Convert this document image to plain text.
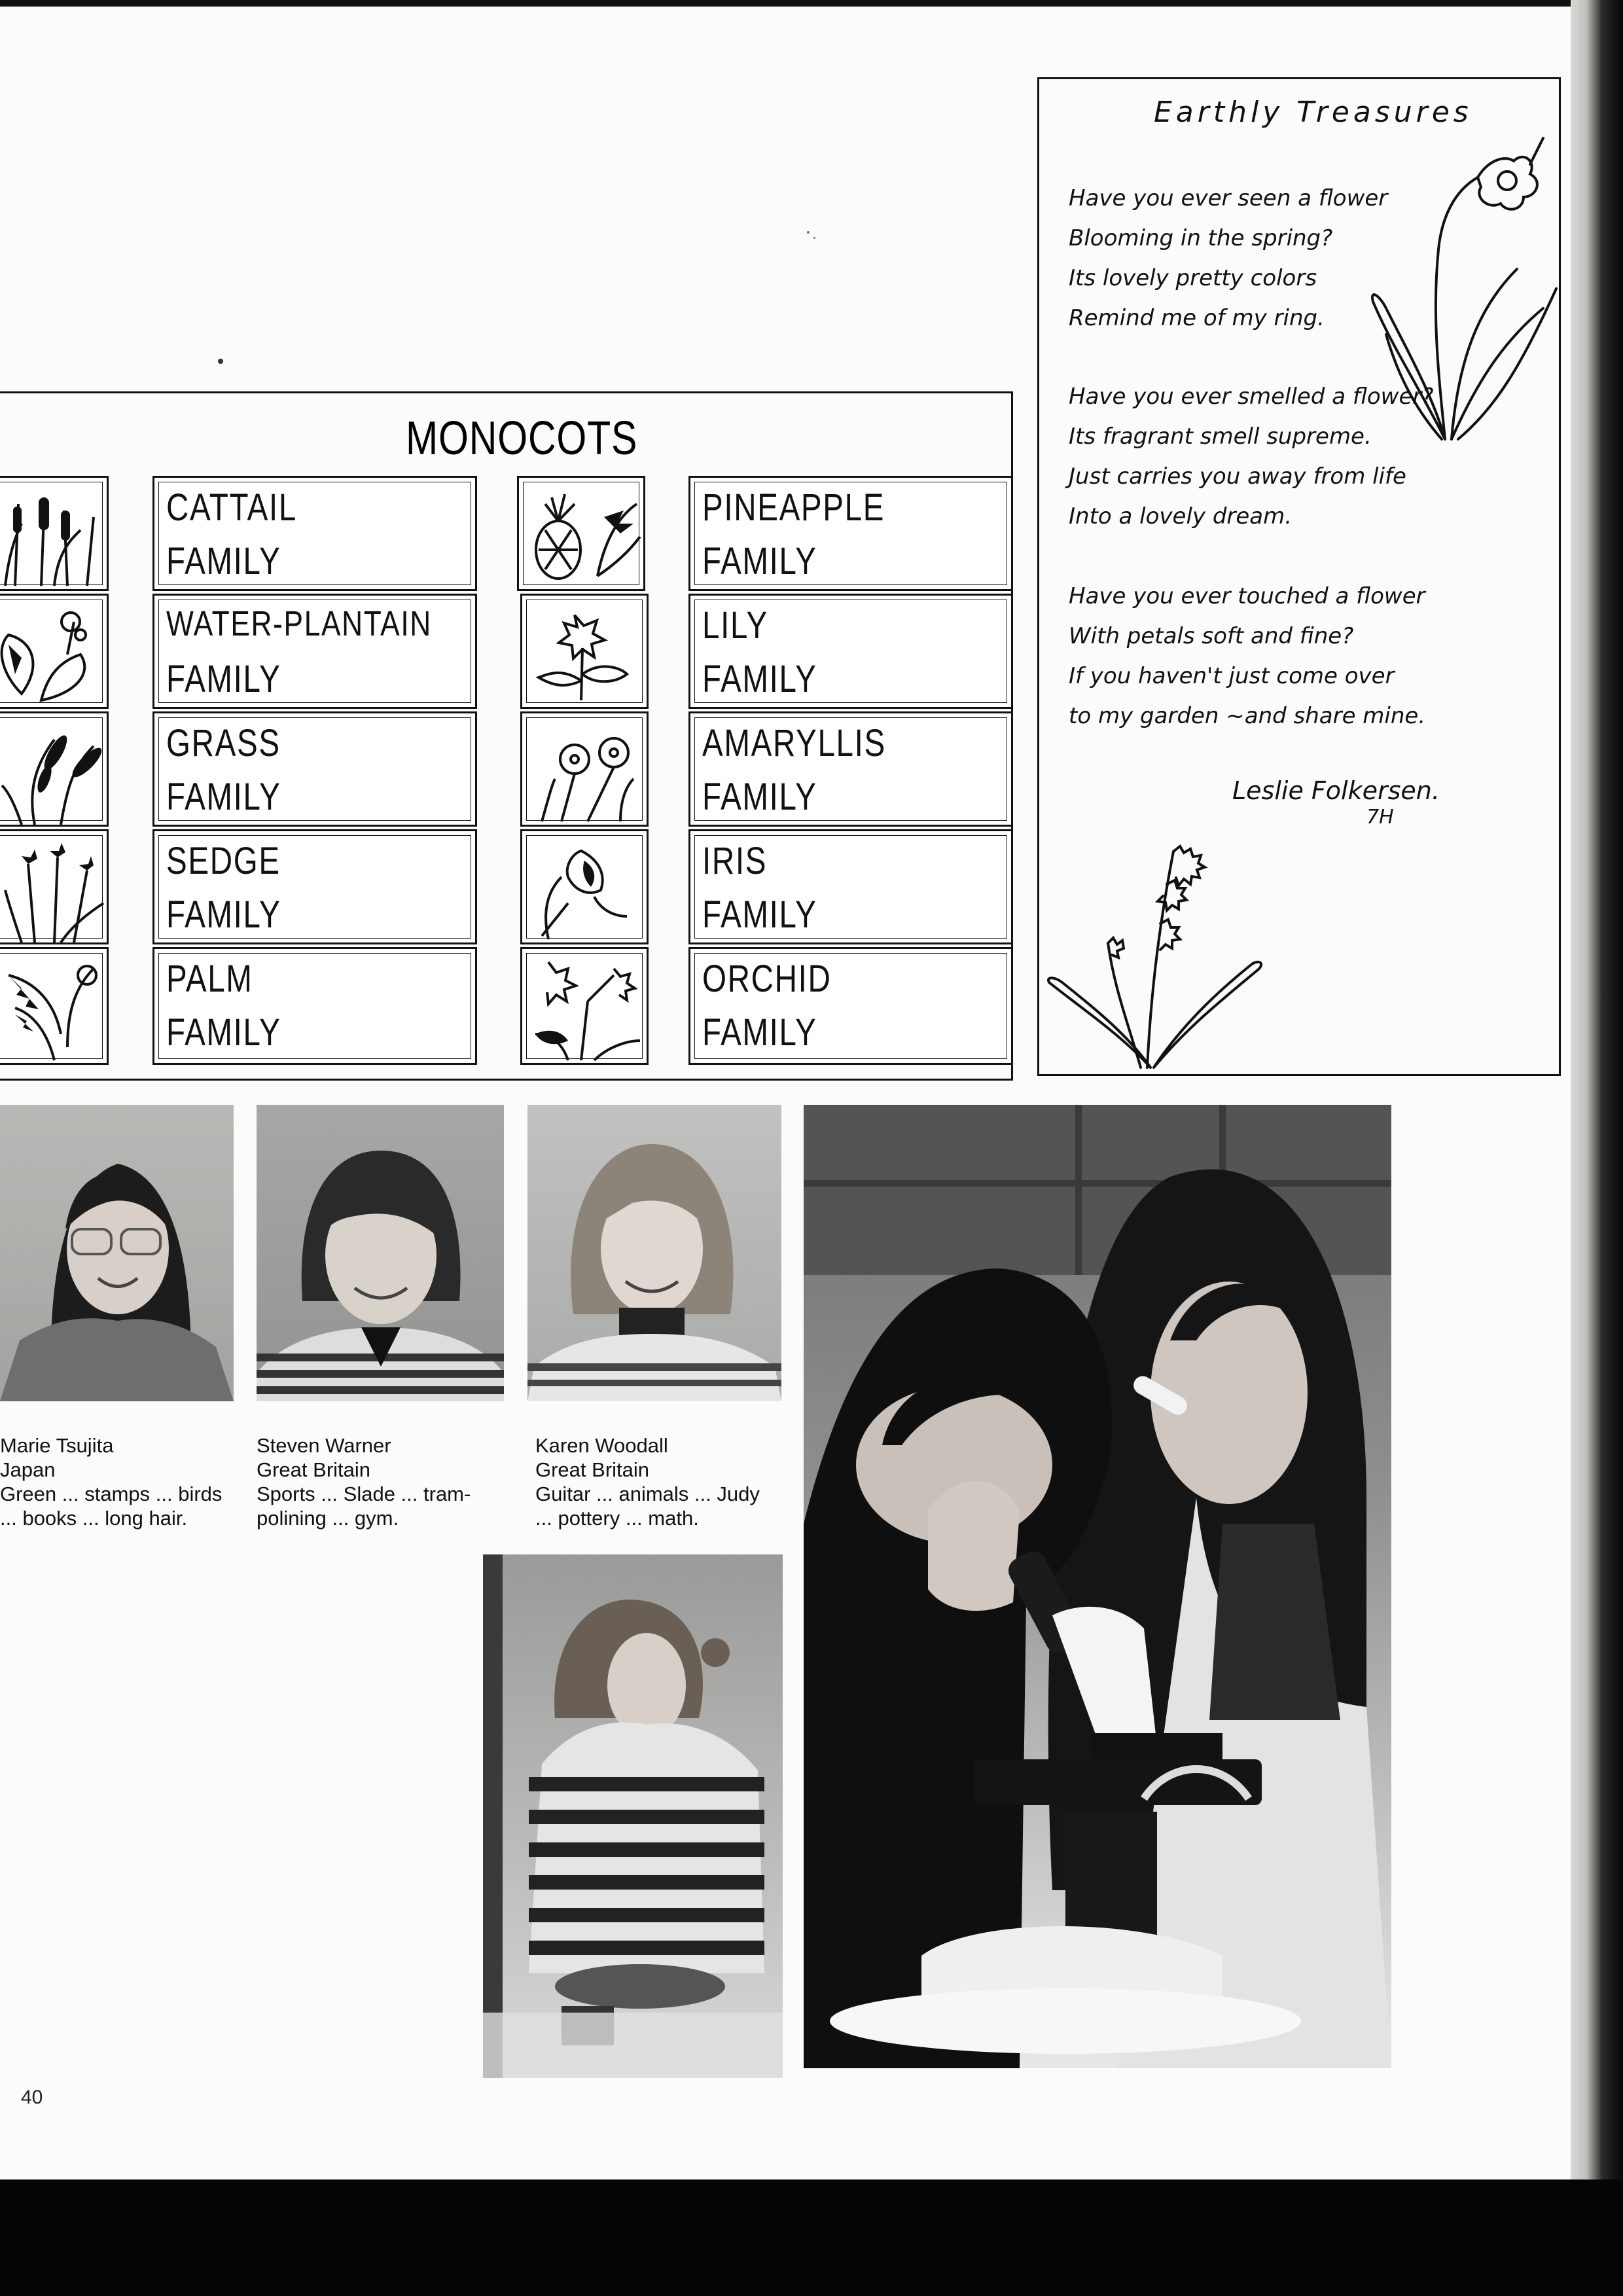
Earthly Treasures
Have you ever seen a flower
Blooming in the spring?
Its lovely pretty colors
Remind me of my ring.
Have you ever smelled a flower?
Its fragrant smell supreme.
Just carries you away from life
Into a lovely dream.
Have you ever touched a flower
With petals soft and fine?
If you haven't just come over
to my garden ~and share mine.
Leslie Folkersen.
7H
MONOCOTS
CATTAIL
FAMILY
WATER-PLANTAIN
FAMILY
GRASS
FAMILY
SEDGE
FAMILY
PALM
FAMILY
PINEAPPLE
FAMILY
LILY
FAMILY
AMARYLLIS
FAMILY
IRIS
FAMILY
ORCHID
FAMILY
Marie Tsujita
Japan
Green ... stamps ... birds
... books ... long hair.
Steven Warner
Great Britain
Sports ... Slade ... tram-
polining ... gym.
Karen Woodall
Great Britain
Guitar ... animals ... Judy
... pottery ... math.
40
